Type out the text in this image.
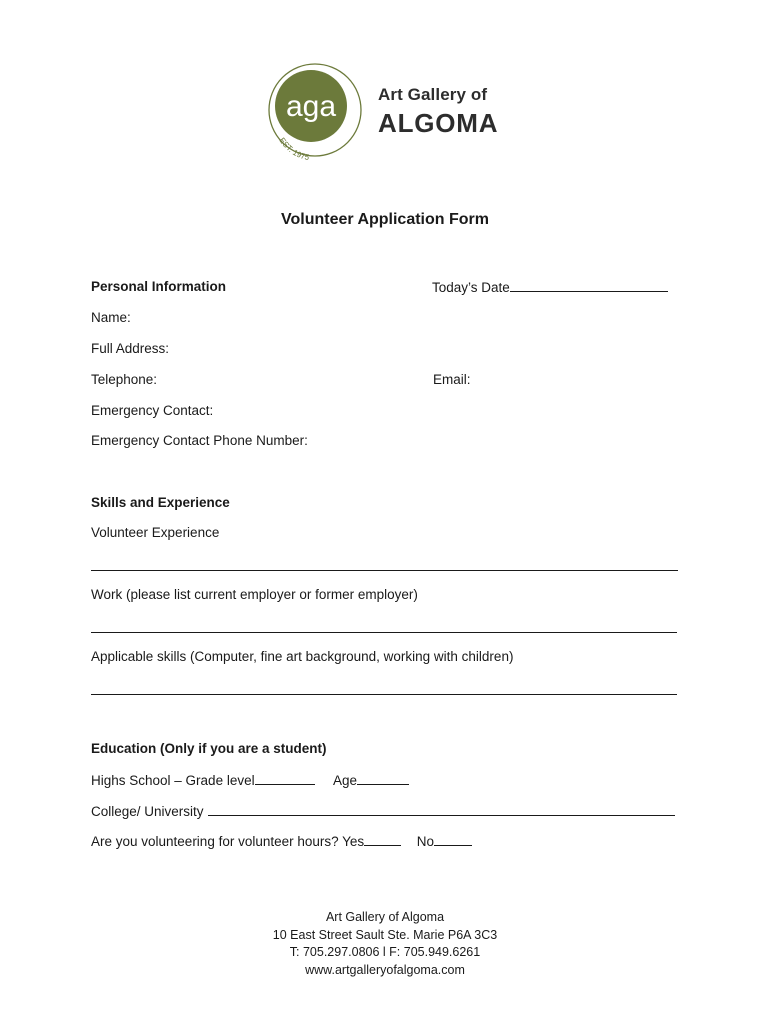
aga
EST. 1975
Art Gallery of
ALGOMA
Volunteer Application Form
Personal Information	Today’s Date
Name:
Full Address:
Telephone:	Email:
Emergency Contact:
Emergency Contact Phone Number:
Skills and Experience
Volunteer Experience
Work (please list current employer or former employer)
Applicable skills (Computer, fine art background, working with children)
Education (Only if you are a student)
Highs School – Grade level	Age
College/ University
Are you volunteering for volunteer hours? Yes	No
Art Gallery of Algoma
10 East Street Sault Ste. Marie P6A 3C3
T: 705.297.0806 l F: 705.949.6261
www.artgalleryofalgoma.com
